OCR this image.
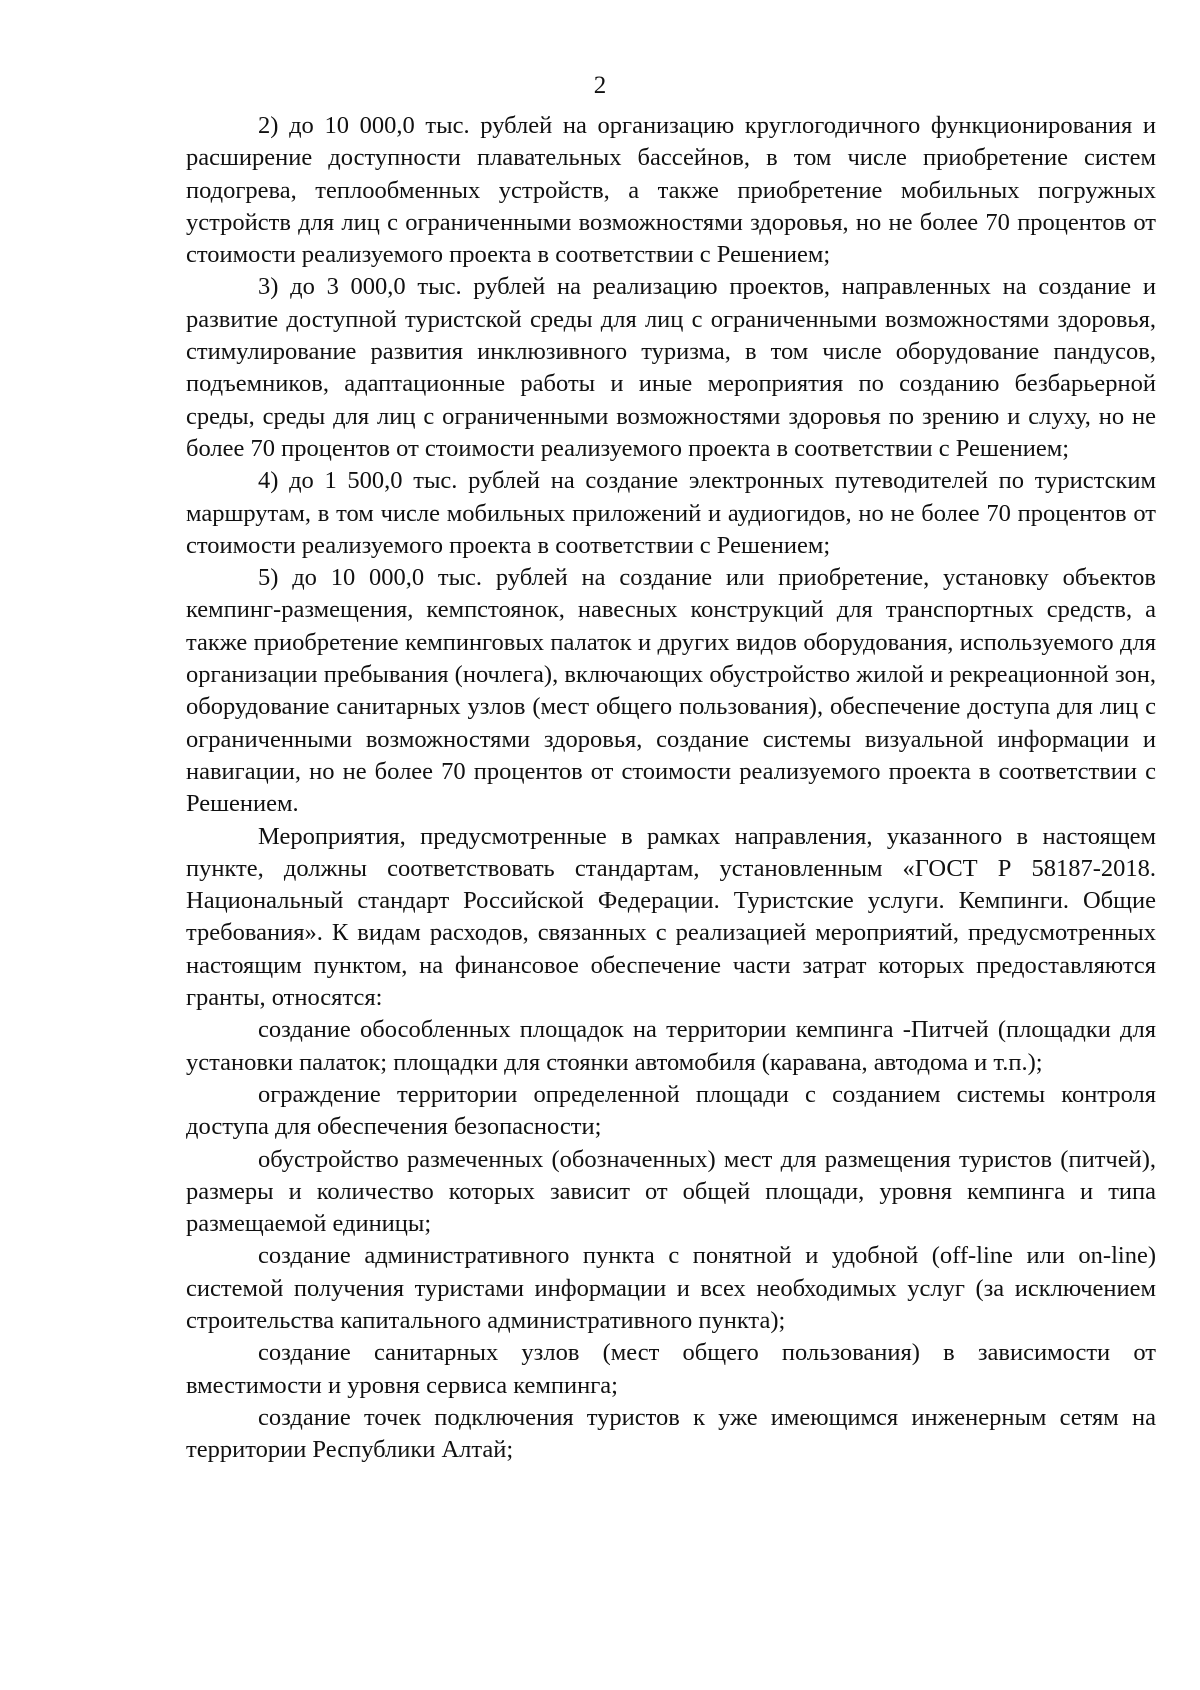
2

2) до 10 000,0 тыс. рублей на организацию круглогодичного функционирования и расширение доступности плавательных бассейнов, в том числе приобретение систем подогрева, теплообменных устройств, а также приобретение мобильных погружных устройств для лиц с ограниченными возможностями здоровья, но не более 70 процентов от стоимости реализуемого проекта в соответствии с Решением;

3) до 3 000,0 тыс. рублей на реализацию проектов, направленных на создание и развитие доступной туристской среды для лиц с ограниченными возможностями здоровья, стимулирование развития инклюзивного туризма, в том числе оборудование пандусов, подъемников, адаптационные работы и иные мероприятия по созданию безбарьерной среды, среды для лиц с ограниченными возможностями здоровья по зрению и слуху, но не более 70 процентов от стоимости реализуемого проекта в соответствии с Решением;

4) до 1 500,0 тыс. рублей на создание электронных путеводителей по туристским маршрутам, в том числе мобильных приложений и аудиогидов, но не более 70 процентов от стоимости реализуемого проекта в соответствии с Решением;

5) до 10 000,0 тыс. рублей на создание или приобретение, установку объектов кемпинг-размещения, кемпстоянок, навесных конструкций для транспортных средств, а также приобретение кемпинговых палаток и других видов оборудования, используемого для организации пребывания (ночлега), включающих обустройство жилой и рекреационной зон, оборудование санитарных узлов (мест общего пользования), обеспечение доступа для лиц с ограниченными возможностями здоровья, создание системы визуальной информации и навигации, но не более 70 процентов от стоимости реализуемого проекта в соответствии с Решением.

Мероприятия, предусмотренные в рамках направления, указанного в настоящем пункте, должны соответствовать стандартам, установленным «ГОСТ Р 58187-2018. Национальный стандарт Российской Федерации. Туристские услуги. Кемпинги. Общие требования». К видам расходов, связанных с реализацией мероприятий, предусмотренных настоящим пунктом, на финансовое обеспечение части затрат которых предоставляются гранты, относятся:

создание обособленных площадок на территории кемпинга -Питчей (площадки для установки палаток; площадки для стоянки автомобиля (каравана, автодома и т.п.);

ограждение территории определенной площади с созданием системы контроля доступа для обеспечения безопасности;

обустройство размеченных (обозначенных) мест для размещения туристов (питчей), размеры и количество которых зависит от общей площади, уровня кемпинга и типа размещаемой единицы;

создание административного пункта с понятной и удобной (off-line или on-line) системой получения туристами информации и всех необходимых услуг (за исключением строительства капитального административного пункта);

создание санитарных узлов (мест общего пользования) в зависимости от вместимости и уровня сервиса кемпинга;

создание точек подключения туристов к уже имеющимся инженерным сетям на территории Республики Алтай;
